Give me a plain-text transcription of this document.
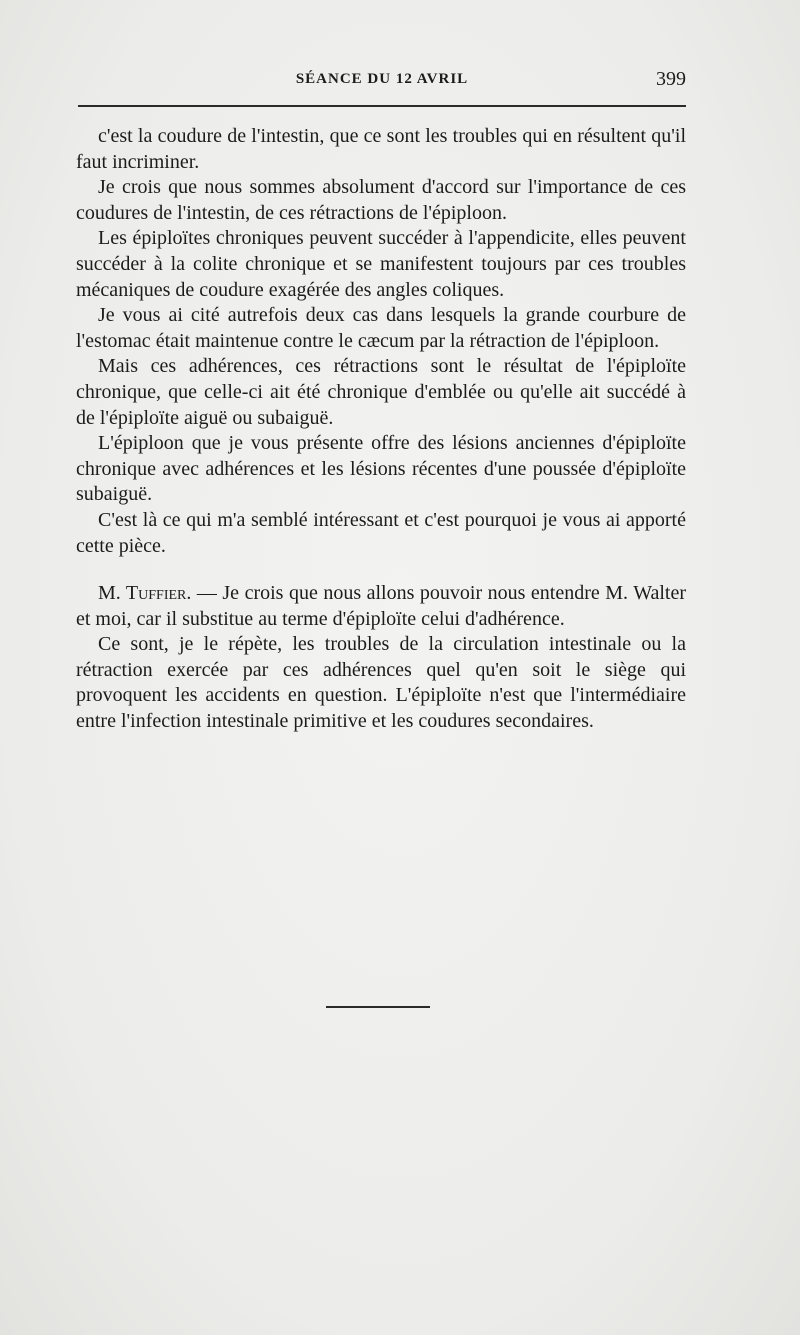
SÉANCE DU 12 AVRIL	399

c'est la coudure de l'intestin, que ce sont les troubles qui en résultent qu'il faut incriminer.

Je crois que nous sommes absolument d'accord sur l'importance de ces coudures de l'intestin, de ces rétractions de l'épiploon.

Les épiploïtes chroniques peuvent succéder à l'appendicite, elles peuvent succéder à la colite chronique et se manifestent toujours par ces troubles mécaniques de coudure exagérée des angles coliques.

Je vous ai cité autrefois deux cas dans lesquels la grande courbure de l'estomac était maintenue contre le cæcum par la rétraction de l'épiploon.

Mais ces adhérences, ces rétractions sont le résultat de l'épiploïte chronique, que celle-ci ait été chronique d'emblée ou qu'elle ait succédé à de l'épiploïte aiguë ou subaiguë.

L'épiploon que je vous présente offre des lésions anciennes d'épiploïte chronique avec adhérences et les lésions récentes d'une poussée d'épiploïte subaiguë.

C'est là ce qui m'a semblé intéressant et c'est pourquoi je vous ai apporté cette pièce.

M. Tuffier. — Je crois que nous allons pouvoir nous entendre M. Walter et moi, car il substitue au terme d'épiploïte celui d'adhérence.

Ce sont, je le répète, les troubles de la circulation intestinale ou la rétraction exercée par ces adhérences quel qu'en soit le siège qui provoquent les accidents en question. L'épiploïte n'est que l'intermédiaire entre l'infection intestinale primitive et les coudures secondaires.
